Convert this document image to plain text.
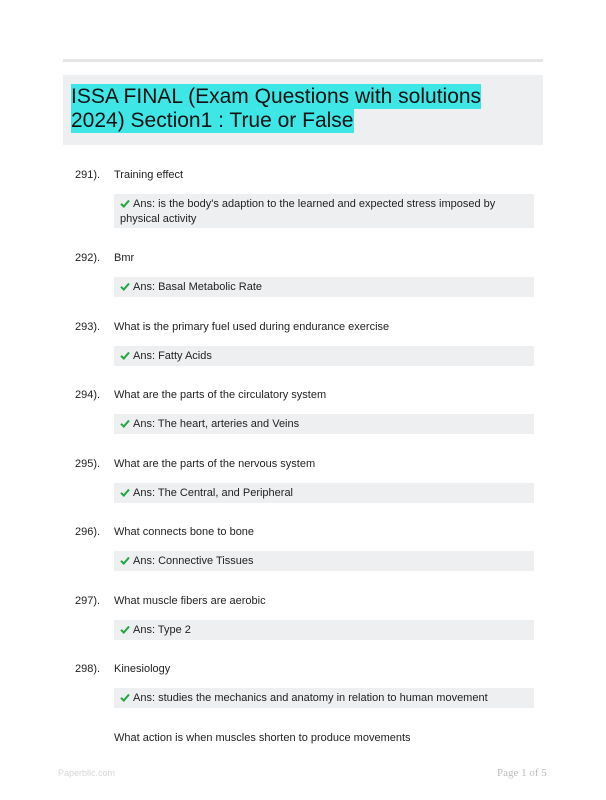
ISSA FINAL (Exam Questions with solutions
2024) Section1 : True or False
291). Training effect
Ans: is the body's adaption to the learned and expected stress imposed by physical activity
292). Bmr
Ans: Basal Metabolic Rate
293). What is the primary fuel used during endurance exercise
Ans: Fatty Acids
294). What are the parts of the circulatory system
Ans: The heart, arteries and Veins
295). What are the parts of the nervous system
Ans: The Central, and Peripheral
296). What connects bone to bone
Ans: Connective Tissues
297). What muscle fibers are aerobic
Ans: Type 2
298). Kinesiology
Ans: studies the mechanics and anatomy in relation to human movement
What action is when muscles shorten to produce movements
Paperblic.com	Page 1 of 5
